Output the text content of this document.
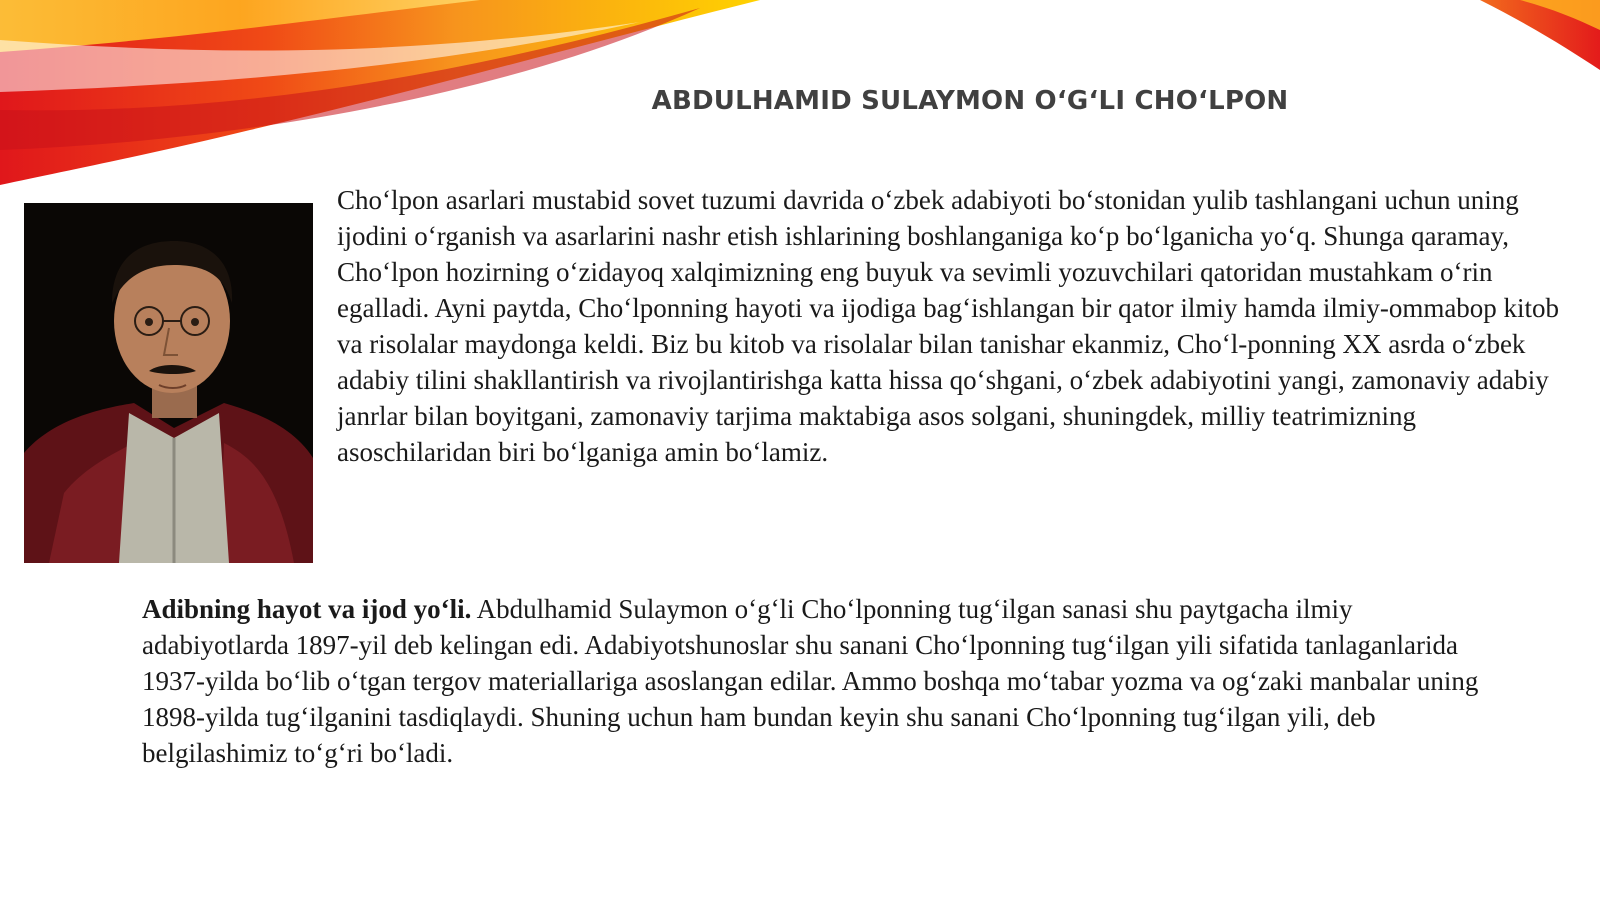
ABDULHAMID SULAYMON O‘G‘LI CHO‘LPON

Cho‘lpon asarlari mustabid sovet tuzumi davrida o‘zbek adabiyoti bo‘stonidan yulib tashlangani uchun uning ijodini o‘rganish va asarlarini nashr etish ishlarining boshlanganiga ko‘p bo‘lganicha yo‘q. Shunga qaramay, Cho‘lpon hozirning o‘zidayoq xalqimizning eng buyuk va sevimli yozuvchilari qatoridan mustahkam o‘rin egalladi. Ayni paytda, Cho‘lponning hayoti va ijodiga bag‘ishlangan bir qator ilmiy hamda ilmiy-ommabop kitob va risolalar maydonga keldi. Biz bu kitob va risolalar bilan tanishar ekanmiz, Cho‘l-ponning XX asrda o‘zbek adabiy tilini shakllantirish va rivojlantirishga katta hissa qo‘shgani, o‘zbek adabiyotini yangi, zamonaviy adabiy janrlar bilan boyitgani, zamonaviy tarjima maktabiga asos solgani, shuningdek, milliy teatrimizning asoschilaridan biri bo‘lganiga amin bo‘lamiz.

Adibning hayot va ijod yo‘li. Abdulhamid Sulaymon o‘g‘li Cho‘lponning tug‘ilgan sanasi shu paytgacha ilmiy adabiyotlarda 1897-yil deb kelingan edi. Adabiyotshunoslar shu sanani Cho‘lponning tug‘ilgan yili sifatida tanlaganlarida 1937-yilda bo‘lib o‘tgan tergov materiallariga asoslangan edilar. Ammo boshqa mo‘tabar yozma va og‘zaki manbalar uning 1898-yilda tug‘ilganini tasdiqlaydi. Shuning uchun ham bundan keyin shu sanani Cho‘lponning tug‘ilgan yili, deb belgilashimiz to‘g‘ri bo‘ladi.
